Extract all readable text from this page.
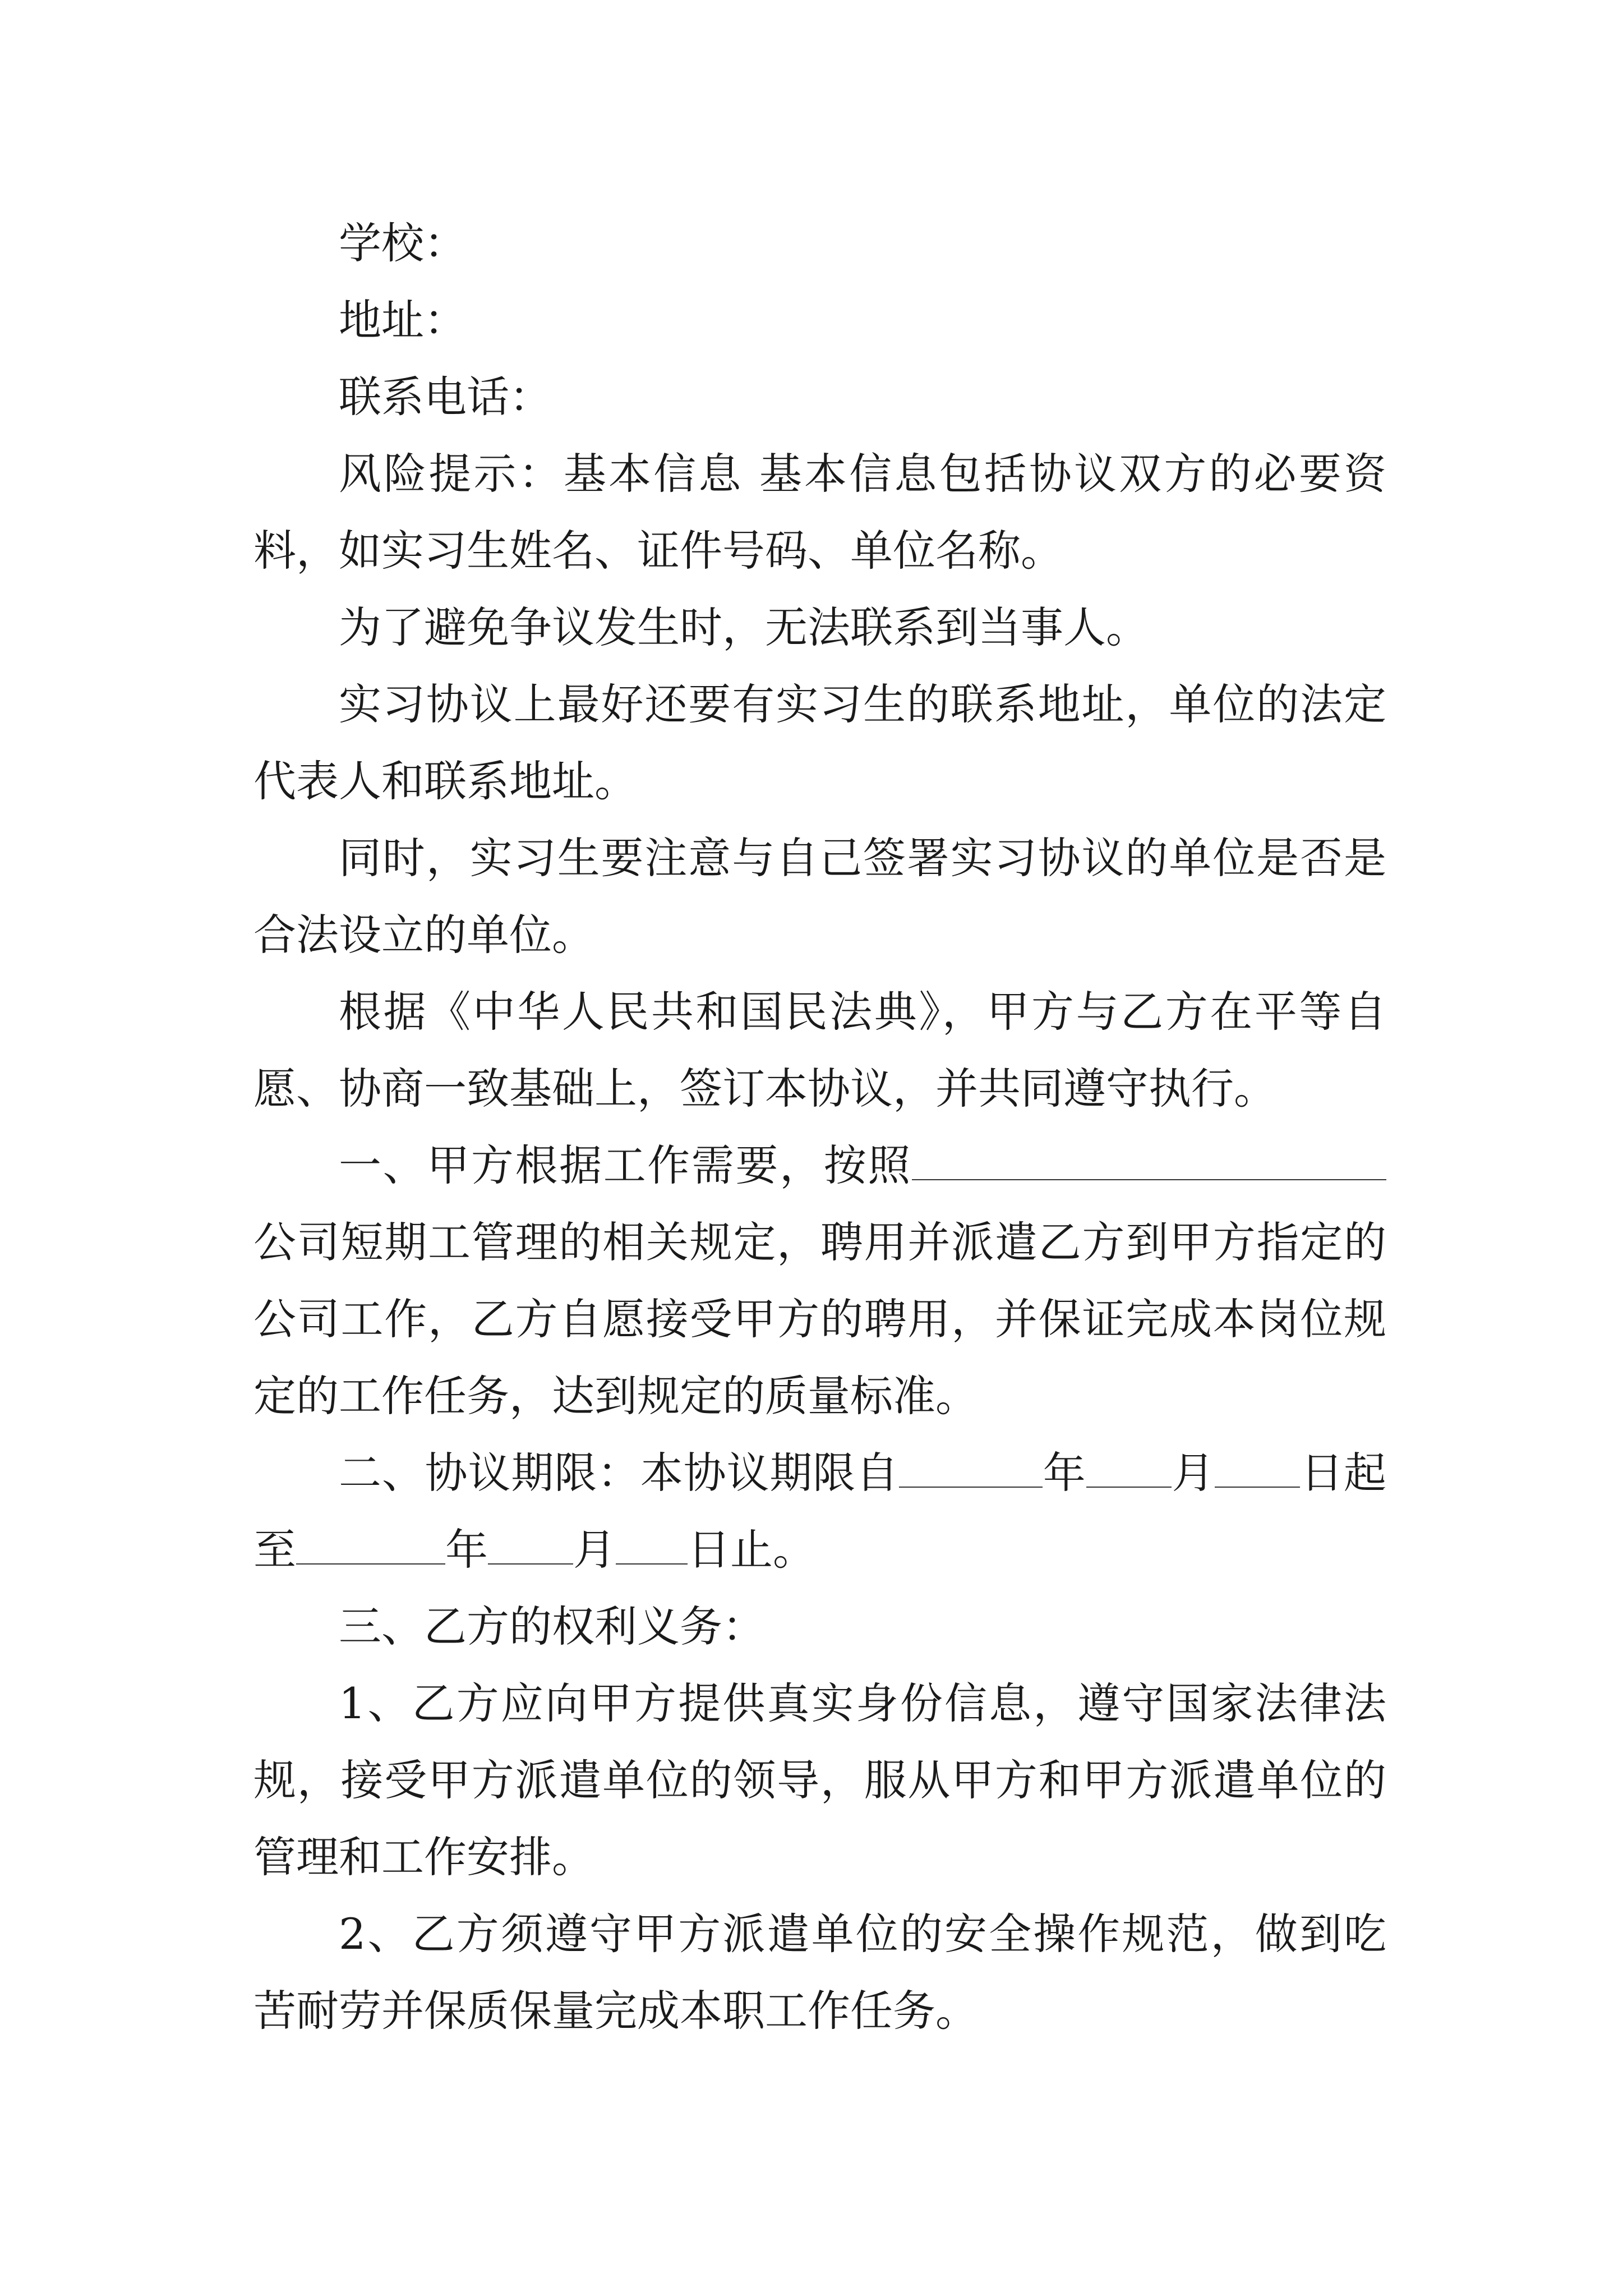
学校：

地址：

联系电话：

风险提示：基本信息 基本信息包括协议双方的必要资料，如实习生姓名、证件号码、单位名称。

为了避免争议发生时，无法联系到当事人。

实习协议上最好还要有实习生的联系地址，单位的法定代表人和联系地址。

同时，实习生要注意与自己签署实习协议的单位是否是合法设立的单位。

根据《中华人民共和国民法典》，甲方与乙方在平等自愿、协商一致基础上，签订本协议，并共同遵守执行。

一、甲方根据工作需要，按照公司短期工管理的相关规定，聘用并派遣乙方到甲方指定的公司工作，乙方自愿接受甲方的聘用，并保证完成本岗位规定的工作任务，达到规定的质量标准。

二、协议期限：本协议期限自	年 月 日起至	年 月 日止。

三、乙方的权利义务：

1、乙方应向甲方提供真实身份信息，遵守国家法律法规，接受甲方派遣单位的领导，服从甲方和甲方派遣单位的管理和工作安排。

2、乙方须遵守甲方派遣单位的安全操作规范，做到吃苦耐劳并保质保量完成本职工作任务。
